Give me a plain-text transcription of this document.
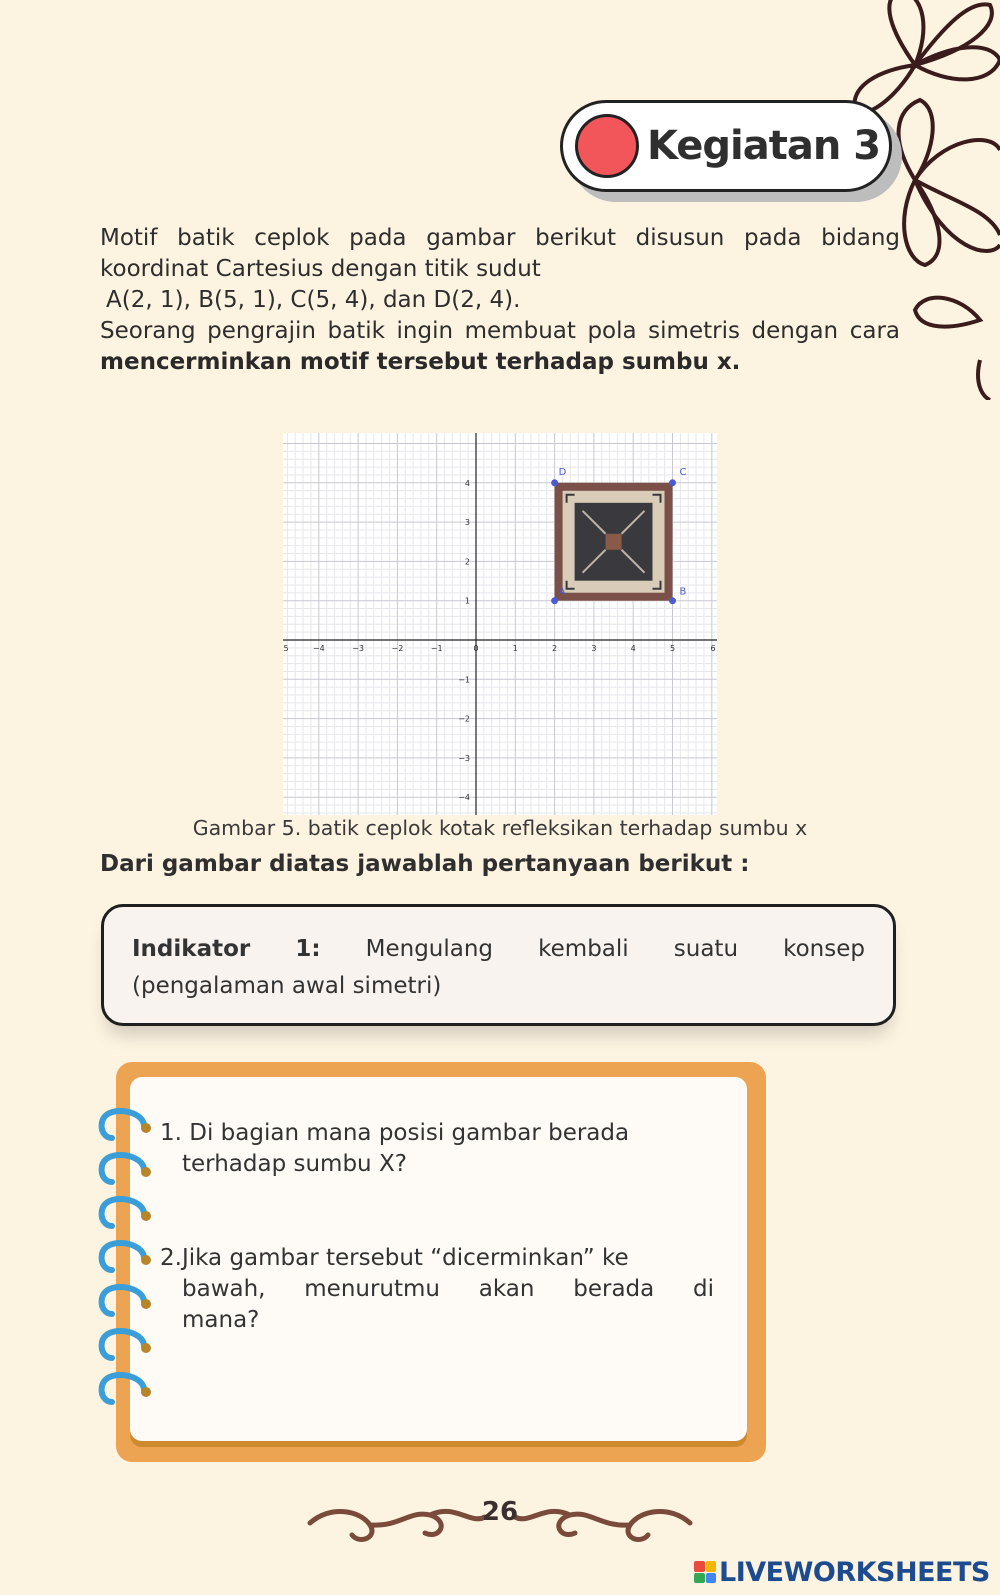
Kegiatan 3

Motif batik ceplok pada gambar berikut disusun pada bidang koordinat Cartesius dengan titik sudut

A(2, 1), B(5, 1), C(5, 4), dan D(2, 4).

Seorang pengrajin batik ingin membuat pola simetris dengan cara mencerminkan motif tersebut terhadap sumbu x.

5	−4	−3	−2	−1	0	1	2	3	4	5	6
4
3
2
1
−1
−2
−3
−4
A	B
C
D
Gambar 5. batik ceplok kotak refleksikan terhadap sumbu x
Dari gambar diatas jawablah pertanyaan berikut :
Indikator 1: Mengulang kembali suatu konsep
(pengalaman awal simetri)
1. Di bagian mana posisi gambar berada
terhadap sumbu X?
2.Jika gambar tersebut “dicerminkan” ke
bawah, menurutmu akan berada di
mana?
26
LIVEWORKSHEETS
